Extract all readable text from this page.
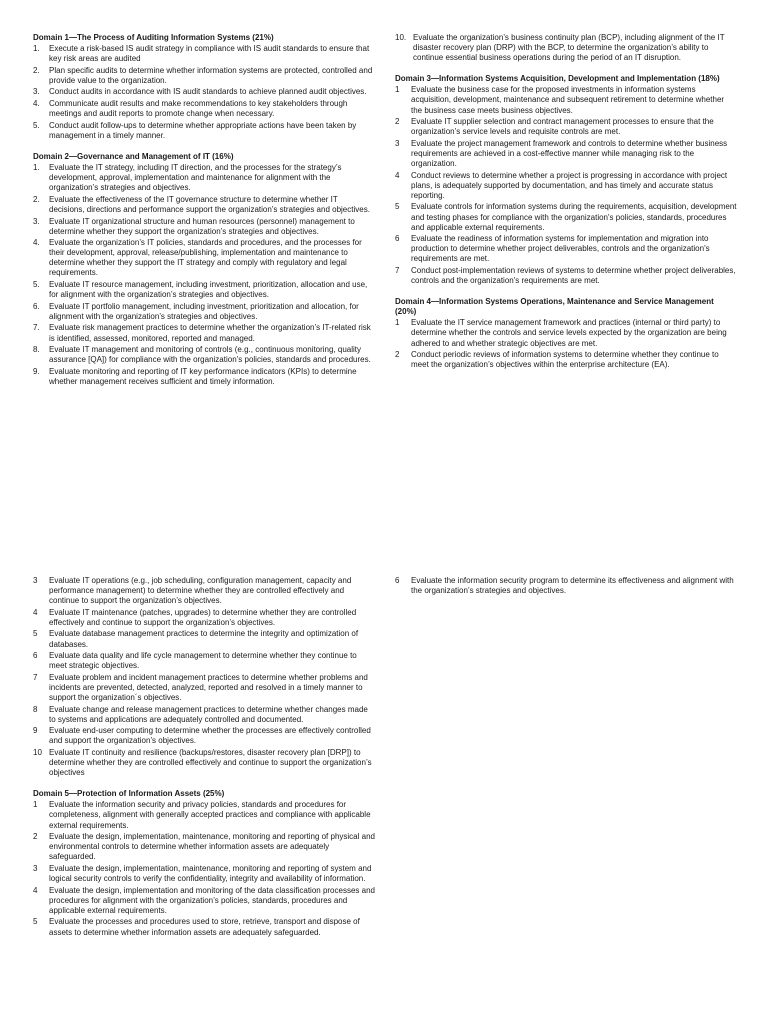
Domain 1—The Process of Auditing Information Systems (21%)
1. Execute a risk-based IS audit strategy in compliance with IS audit standards to ensure that key risk areas are audited
2. Plan specific audits to determine whether information systems are protected, controlled and provide value to the organization.
3. Conduct audits in accordance with IS audit standards to achieve planned audit objectives.
4. Communicate audit results and make recommendations to key stakeholders through meetings and audit reports to promote change when necessary.
5. Conduct audit follow-ups to determine whether appropriate actions have been taken by management in a timely manner.
Domain 2—Governance and Management of IT (16%)
1. Evaluate the IT strategy, including IT direction, and the processes for the strategy’s development, approval, implementation and maintenance for alignment with the organization’s strategies and objectives.
2. Evaluate the effectiveness of the IT governance structure to determine whether IT decisions, directions and performance support the organization’s strategies and objectives.
3. Evaluate IT organizational structure and human resources (personnel) management to determine whether they support the organization’s strategies and objectives.
4. Evaluate the organization’s IT policies, standards and procedures, and the processes for their development, approval, release/publishing, implementation and maintenance to determine whether they support the IT strategy and comply with regulatory and legal requirements.
5. Evaluate IT resource management, including investment, prioritization, allocation and use, for alignment with the organization’s strategies and objectives.
6. Evaluate IT portfolio management, including investment, prioritization and allocation, for alignment with the organization’s strategies and objectives.
7. Evaluate risk management practices to determine whether the organization’s IT-related risk is identified, assessed, monitored, reported and managed.
8. Evaluate IT management and monitoring of controls (e.g., continuous monitoring, quality assurance [QA]) for compliance with the organization’s policies, standards and procedures.
9. Evaluate monitoring and reporting of IT key performance indicators (KPIs) to determine whether management receives sufficient and timely information.
10. Evaluate the organization’s business continuity plan (BCP), including alignment of the IT disaster recovery plan (DRP) with the BCP, to determine the organization’s ability to continue essential business operations during the period of an IT disruption.
Domain 3—Information Systems Acquisition, Development and Implementation (18%)
1 Evaluate the business case for the proposed investments in information systems acquisition, development, maintenance and subsequent retirement to determine whether the business case meets business objectives.
2 Evaluate IT supplier selection and contract management processes to ensure that the organization’s service levels and requisite controls are met.
3 Evaluate the project management framework and controls to determine whether business requirements are achieved in a cost-effective manner while managing risk to the organization.
4 Conduct reviews to determine whether a project is progressing in accordance with project plans, is adequately supported by documentation, and has timely and accurate status reporting.
5 Evaluate controls for information systems during the requirements, acquisition, development and testing phases for compliance with the organization's policies, standards, procedures and applicable external requirements.
6 Evaluate the readiness of information systems for implementation and migration into production to determine whether project deliverables, controls and the organization's requirements are met.
7 Conduct post-implementation reviews of systems to determine whether project deliverables, controls and the organization's requirements are met.
Domain 4—Information Systems Operations, Maintenance and Service Management (20%)
1 Evaluate the IT service management framework and practices (internal or third party) to determine whether the controls and service levels expected by the organization are being adhered to and whether strategic objectives are met.
2 Conduct periodic reviews of information systems to determine whether they continue to meet the organization’s objectives within the enterprise architecture (EA).
3 Evaluate IT operations (e.g., job scheduling, configuration management, capacity and performance management) to determine whether they are controlled effectively and continue to support the organization’s objectives.
4 Evaluate IT maintenance (patches, upgrades) to determine whether they are controlled effectively and continue to support the organization’s objectives.
5 Evaluate database management practices to determine the integrity and optimization of databases.
6 Evaluate data quality and life cycle management to determine whether they continue to meet strategic objectives.
7 Evaluate problem and incident management practices to determine whether problems and incidents are prevented, detected, analyzed, reported and resolved in a timely manner to support the organization´s objectives.
8 Evaluate change and release management practices to determine whether changes made to systems and applications are adequately controlled and documented.
9 Evaluate end-user computing to determine whether the processes are effectively controlled and support the organization’s objectives.
10 Evaluate IT continuity and resilience (backups/restores, disaster recovery plan [DRP]) to determine whether they are controlled effectively and continue to support the organization’s objectives
Domain 5—Protection of Information Assets (25%)
1 Evaluate the information security and privacy policies, standards and procedures for completeness, alignment with generally accepted practices and compliance with applicable external requirements.
2 Evaluate the design, implementation, maintenance, monitoring and reporting of physical and environmental controls to determine whether information assets are adequately safeguarded.
3 Evaluate the design, implementation, maintenance, monitoring and reporting of system and logical security controls to verify the confidentiality, integrity and availability of information.
4 Evaluate the design, implementation and monitoring of the data classification processes and procedures for alignment with the organization’s policies, standards, procedures and applicable external requirements.
5 Evaluate the processes and procedures used to store, retrieve, transport and dispose of assets to determine whether information assets are adequately safeguarded.
6 Evaluate the information security program to determine its effectiveness and alignment with the organization’s strategies and objectives.
